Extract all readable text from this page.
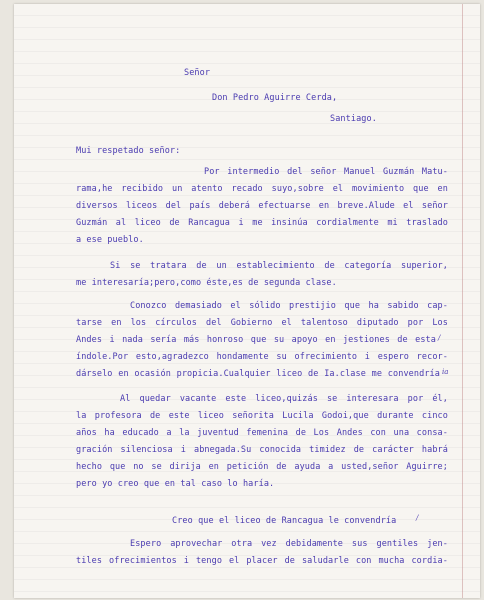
Señor
Don Pedro Aguirre Cerda,
Santiago.
Mui respetado señor:
Por intermedio del señor Manuel Guzmán Matu-
rama,he recibido un atento recado suyo,sobre el movimiento que en
diversos liceos del país deberá efectuarse en breve.Alude el señor
Guzmán al liceo de Rancagua i me insinúa cordialmente mi traslado
a ese pueblo.
Si se tratara de un establecimiento de categoría superior,
me interesaría;pero,como éste,es de segunda clase.
Conozco demasiado el sólido prestijio que ha sabido cap-
tarse en los círculos del Gobierno el talentoso diputado por Los
Andes i nada sería más honroso que su apoyo en jestiones de esta
índole.Por esto,agradezco hondamente su ofrecimiento i espero recor-
dárselo en ocasión propicia.Cualquier liceo de Ia.clase me convendría
Al quedar vacante este liceo,quizás se interesara por él,
la profesora de este liceo señorita Lucila Godoi,que durante cinco
años ha educado a la juventud femenina de Los Andes con una consa-
gración silenciosa i abnegada.Su conocida timidez de carácter habrá
hecho que no se dirija en petición de ayuda a usted,señor Aguirre;
pero yo creo que en tal caso lo haría.
Creo que el liceo de Rancagua le convendría
Espero aprovechar otra vez debidamente sus gentiles jen-
tiles ofrecimientos i tengo el placer de saludarle con mucha cordia-
/
ia
/
